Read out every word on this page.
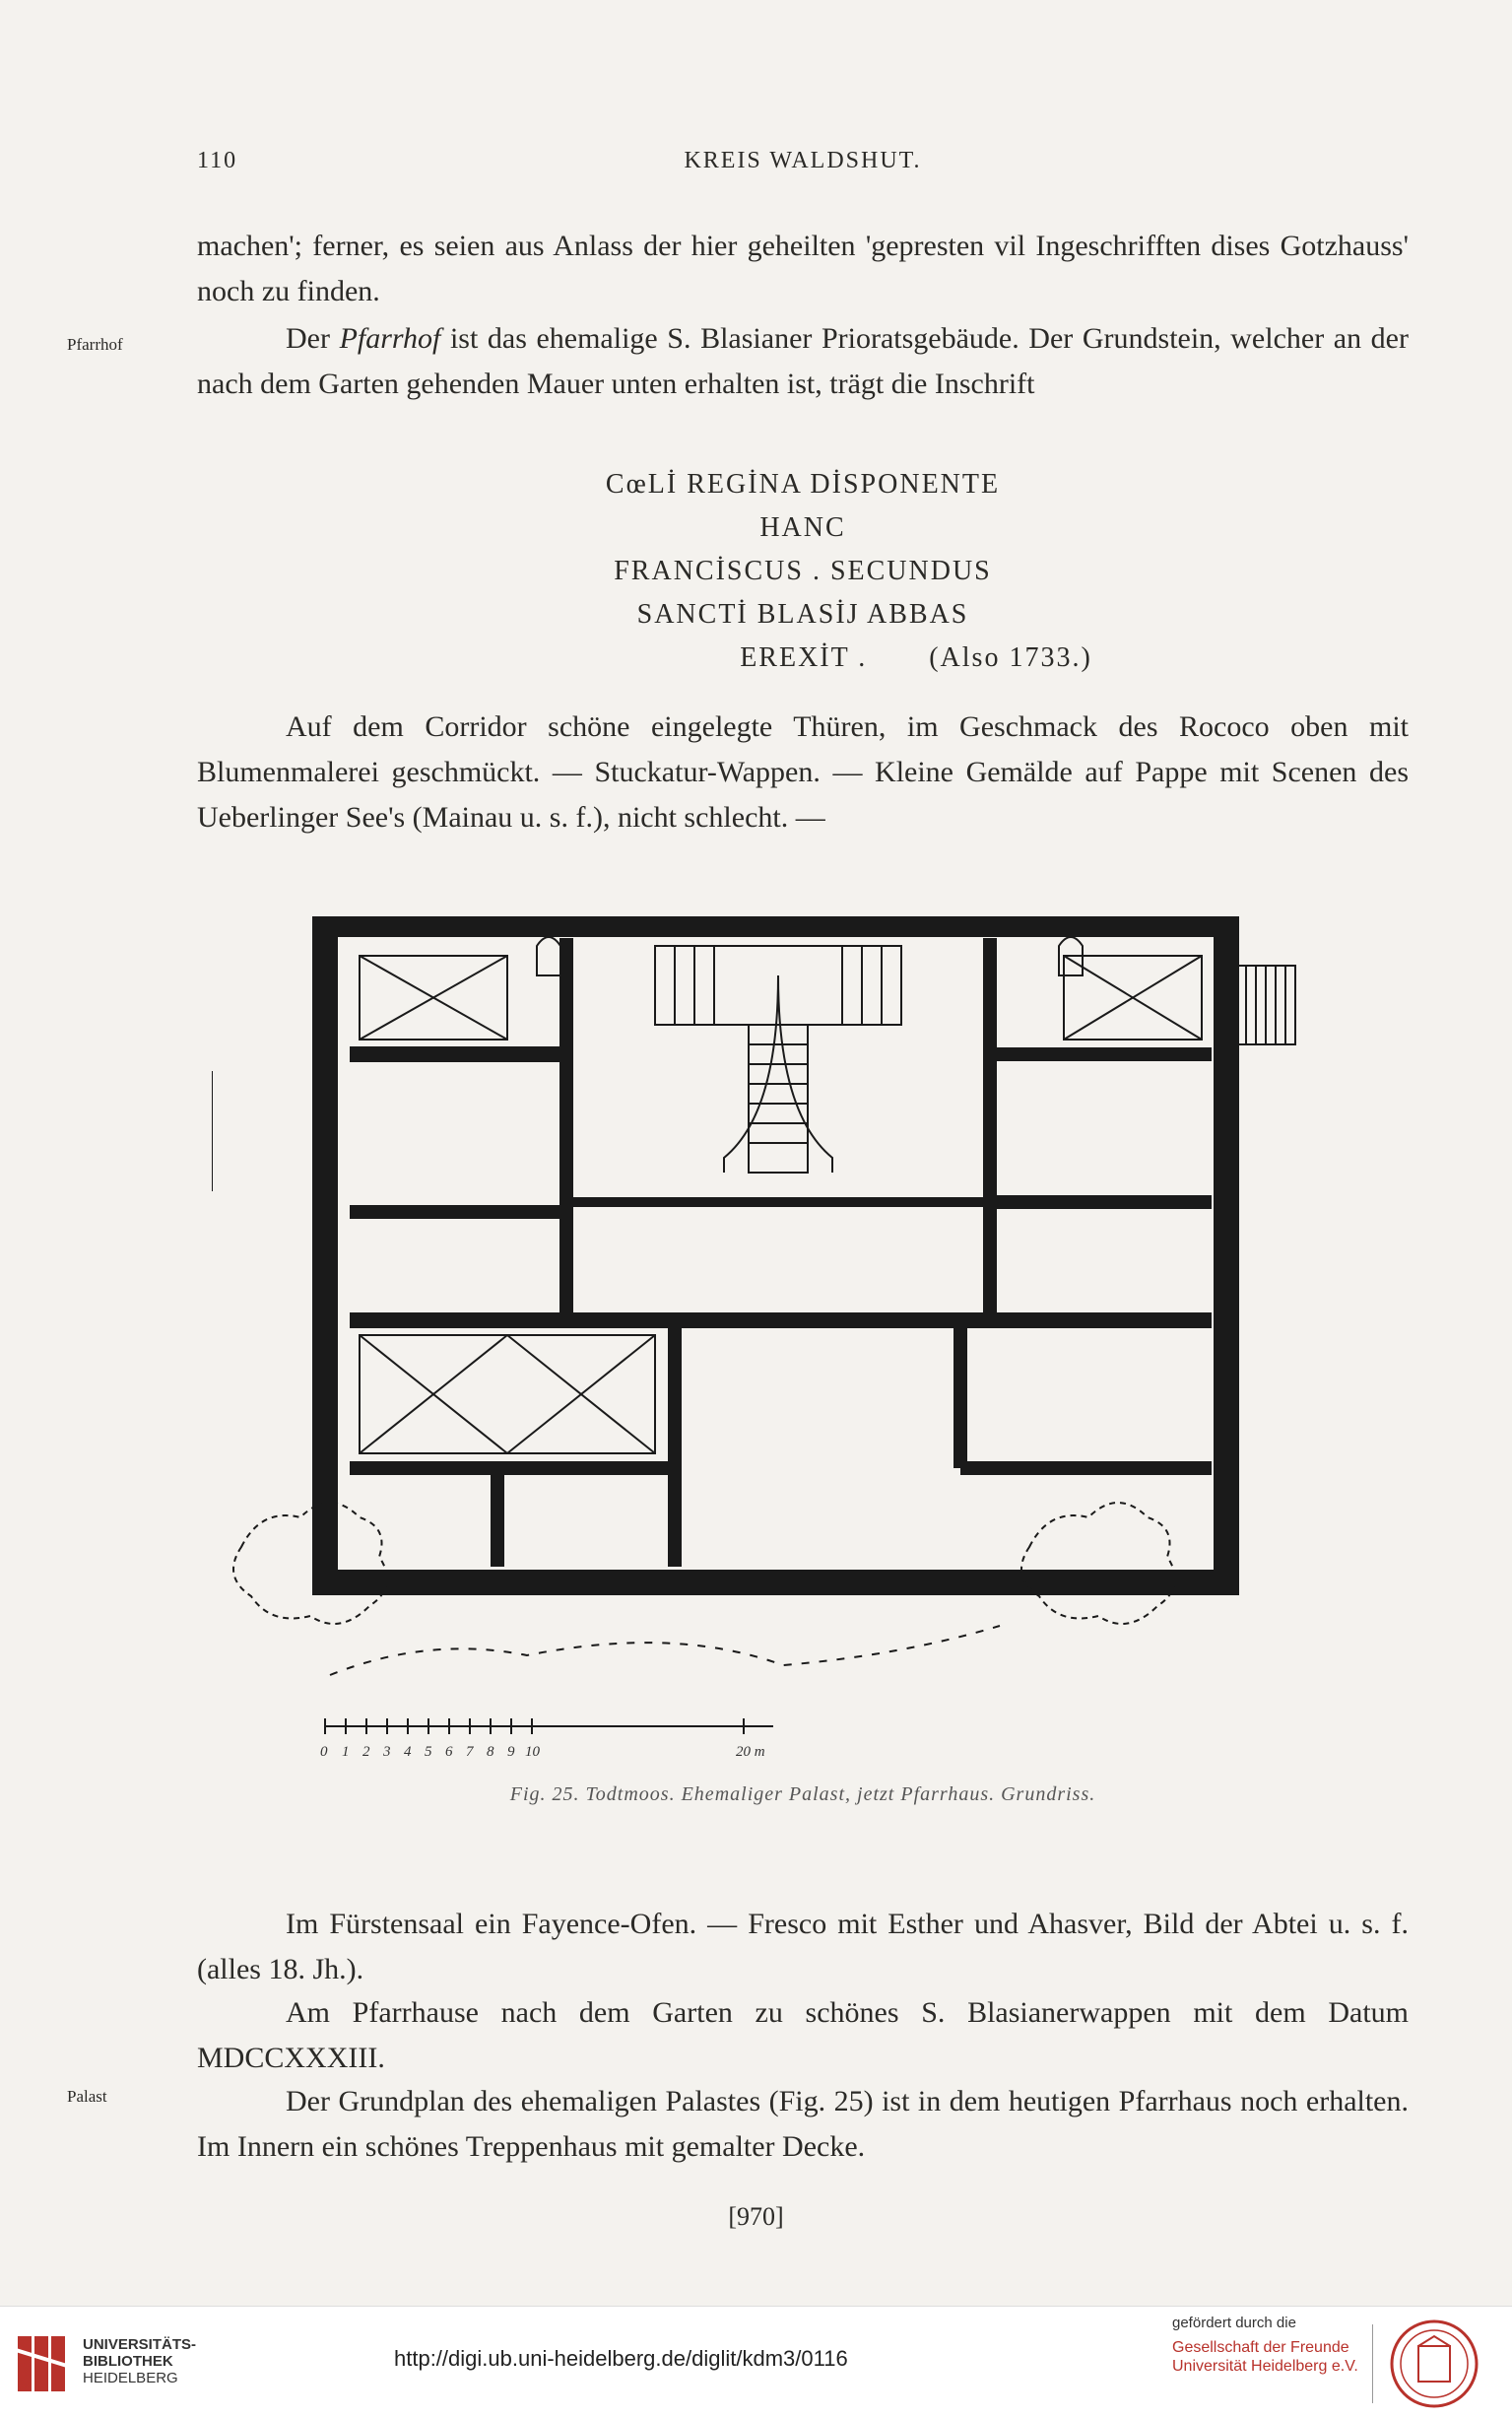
110	KREIS WALDSHUT.
machen'; ferner, es seien aus Anlass der hier geheilten 'gepresten vil Ingeschrifften dises Gotzhauss' noch zu finden.
Pfarrhof	Der Pfarrhof ist das ehemalige S. Blasianer Prioratsgebäude. Der Grundstein, welcher an der nach dem Garten gehenden Mauer unten erhalten ist, trägt die Inschrift
CœLİ REGİNA DİSPONENTE
HANC
FRANCİSCUS . SECUNDUS
SANCTİ BLASİJ ABBAS
EREXİT . (Also 1733.)
Auf dem Corridor schöne eingelegte Thüren, im Geschmack des Rococo oben mit Blumenmalerei geschmückt. — Stuckatur-Wappen. — Kleine Gemälde auf Pappe mit Scenen des Ueberlinger See's (Mainau u. s. f.), nicht schlecht. —
0 1 2 3 4 5 6 7 8 9 10	20 m
Fig. 25. Todtmoos. Ehemaliger Palast, jetzt Pfarrhaus. Grundriss.
Im Fürstensaal ein Fayence-Ofen. — Fresco mit Esther und Ahasver, Bild der Abtei u. s. f. (alles 18. Jh.).
Am Pfarrhause nach dem Garten zu schönes S. Blasianerwappen mit dem Datum MDCCXXXIII.
Palast	Der Grundplan des ehemaligen Palastes (Fig. 25) ist in dem heutigen Pfarrhaus noch erhalten. Im Innern ein schönes Treppenhaus mit gemalter Decke.
[970]
UNIVERSITÄTS-
BIBLIOTHEK
HEIDELBERG
http://digi.ub.uni-heidelberg.de/diglit/kdm3/0116
gefördert durch die
Gesellschaft der Freunde
Universität Heidelberg e.V.
